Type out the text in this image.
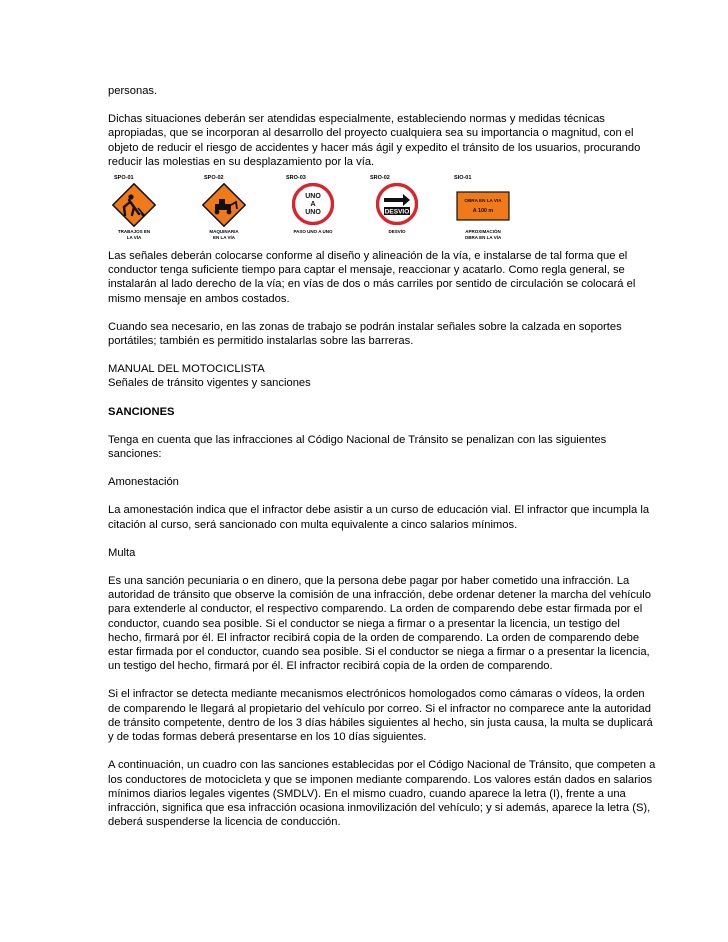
personas.

Dichas situaciones deberán ser atendidas especialmente, estableciendo normas y medidas técnicas apropiadas, que se incorporan al desarrollo del proyecto cualquiera sea su importancia o magnitud, con el objeto de reducir el riesgo de accidentes y hacer más ágil y expedito el tránsito de los usuarios, procurando reducir las molestias en su desplazamiento por la vía.

SPO-01
TRABAJOS EN
LA VÍA
SPO-02
MAQUINARIA
EN LA VÍA
SRO-03
UNO
A
UNO
PASO UNO A UNO
SRO-02
DESVIO
DESVÍO
SIO-01
OBRA EN LA VIA
A 100 m
APROXIMACIÓN
OBRA EN LA VÍA

Las señales deberán colocarse conforme al diseño y alineación de la vía, e instalarse de tal forma que el conductor tenga suficiente tiempo para captar el mensaje, reaccionar y acatarlo. Como regla general, se instalarán al lado derecho de la vía; en vías de dos o más carriles por sentido de circulación se colocará el mismo mensaje en ambos costados.

Cuando sea necesario, en las zonas de trabajo se podrán instalar señales sobre la calzada en soportes portátiles; también es permitido instalarlas sobre las barreras.

MANUAL DEL MOTOCICLISTA

Señales de tránsito vigentes y sanciones

SANCIONES

Tenga en cuenta que las infracciones al Código Nacional de Tránsito se penalizan con las siguientes sanciones:

Amonestación

La amonestación indica que el infractor debe asistir a un curso de educación vial. El infractor que incumpla la citación al curso, será sancionado con multa equivalente a cinco salarios mínimos.

Multa

Es una sanción pecuniaria o en dinero, que la persona debe pagar por haber cometido una infracción. La autoridad de tránsito que observe la comisión de una infracción, debe ordenar detener la marcha del vehículo para extenderle al conductor, el respectivo comparendo. La orden de comparendo debe estar firmada por el conductor, cuando sea posible. Si el conductor se niega a firmar o a presentar la licencia, un testigo del hecho, firmará por él. El infractor recibirá copia de la orden de comparendo. La orden de comparendo debe estar firmada por el conductor, cuando sea posible. Si el conductor se niega a firmar o a presentar la licencia, un testigo del hecho, firmará por él. El infractor recibirá copia de la orden de comparendo.

Si el infractor se detecta mediante mecanismos electrónicos homologados como cámaras o vídeos, la orden de comparendo le llegará al propietario del vehículo por correo. Si el infractor no comparece ante la autoridad de tránsito competente, dentro de los 3 días hábiles siguientes al hecho, sin justa causa, la multa se duplicará y de todas formas deberá presentarse en los 10 días siguientes.

A continuación, un cuadro con las sanciones establecidas por el Código Nacional de Tránsito, que competen a los conductores de motocicleta y que se imponen mediante comparendo. Los valores están dados en salarios mínimos diarios legales vigentes (SMDLV). En el mismo cuadro, cuando aparece la letra (I), frente a una infracción, significa que esa infracción ocasiona inmovilización del vehículo; y si además, aparece la letra (S), deberá suspenderse la licencia de conducción.
